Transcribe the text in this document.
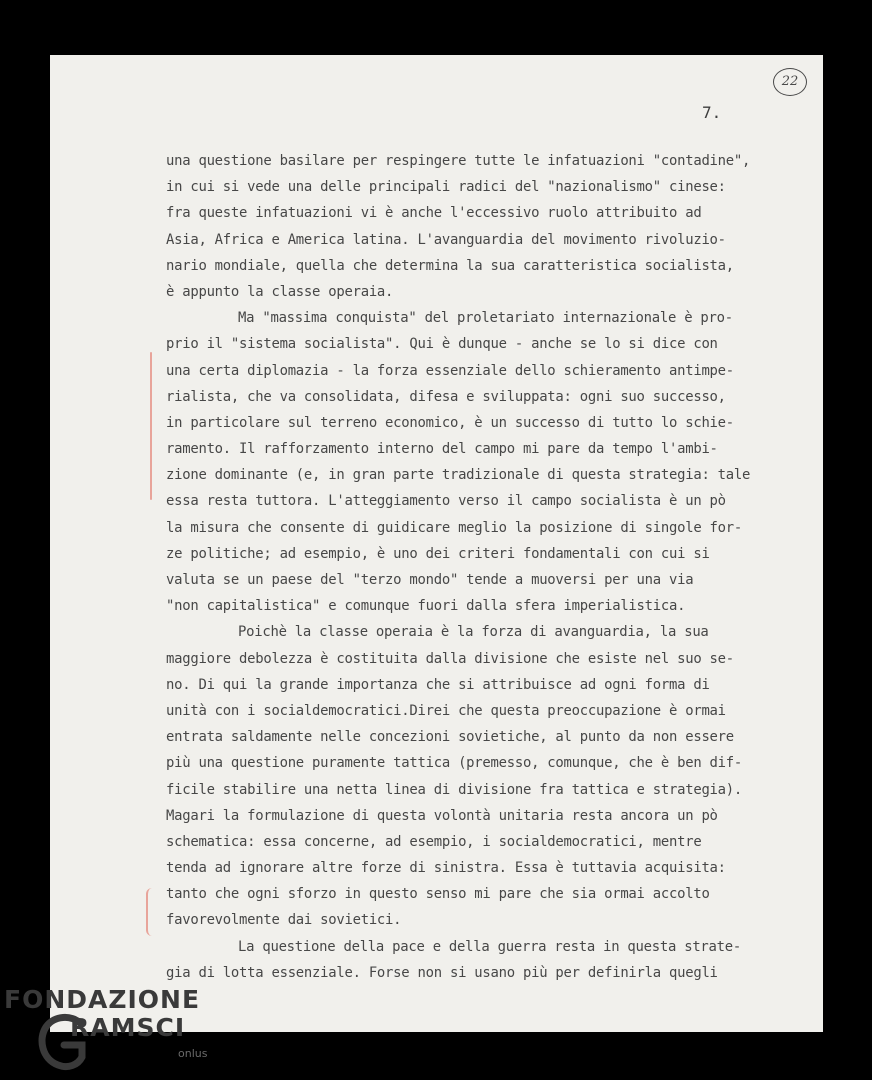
22
7.
una questione basilare per respingere tutte le infatuazioni "contadine",
in cui si vede una delle principali radici del "nazionalismo" cinese:
fra queste infatuazioni vi è anche l'eccessivo ruolo attribuito ad
Asia, Africa e America latina. L'avanguardia del movimento rivoluzio-
nario mondiale, quella che determina la sua caratteristica socialista,
è appunto la classe operaia.
Ma "massima conquista" del proletariato internazionale è pro-
prio il "sistema socialista". Qui è dunque - anche se lo si dice con
una certa diplomazia - la forza essenziale dello schieramento antimpe-
rialista, che va consolidata, difesa e sviluppata: ogni suo successo,
in particolare sul terreno economico, è un successo di tutto lo schie-
ramento. Il rafforzamento interno del campo mi pare da tempo l'ambi-
zione dominante (e, in gran parte tradizionale di questa strategia: tale
essa resta tuttora. L'atteggiamento verso il campo socialista è un pò
la misura che consente di guidicare meglio la posizione di singole for-
ze politiche; ad esempio, è uno dei criteri fondamentali con cui si
valuta se un paese del "terzo mondo" tende a muoversi per una via
"non capitalistica" e comunque fuori dalla sfera imperialistica.
Poichè la classe operaia è la forza di avanguardia, la sua
maggiore debolezza è costituita dalla divisione che esiste nel suo se-
no. Di qui la grande importanza che si attribuisce ad ogni forma di
unità con i socialdemocratici.Direi che questa preoccupazione è ormai
entrata saldamente nelle concezioni sovietiche, al punto da non essere
più una questione puramente tattica (premesso, comunque, che è ben dif-
ficile stabilire una netta linea di divisione fra tattica e strategia).
Magari la formulazione di questa volontà unitaria resta ancora un pò
schematica: essa concerne, ad esempio, i socialdemocratici, mentre
tenda ad ignorare altre forze di sinistra. Essa è tuttavia acquisita:
tanto che ogni sforzo in questo senso mi pare che sia ormai accolto
favorevolmente dai sovietici.
La questione della pace e della guerra resta in questa strate-
gia di lotta essenziale. Forse non si usano più per definirla quegli
FONDAZIONE
RAMSCI
onlus
